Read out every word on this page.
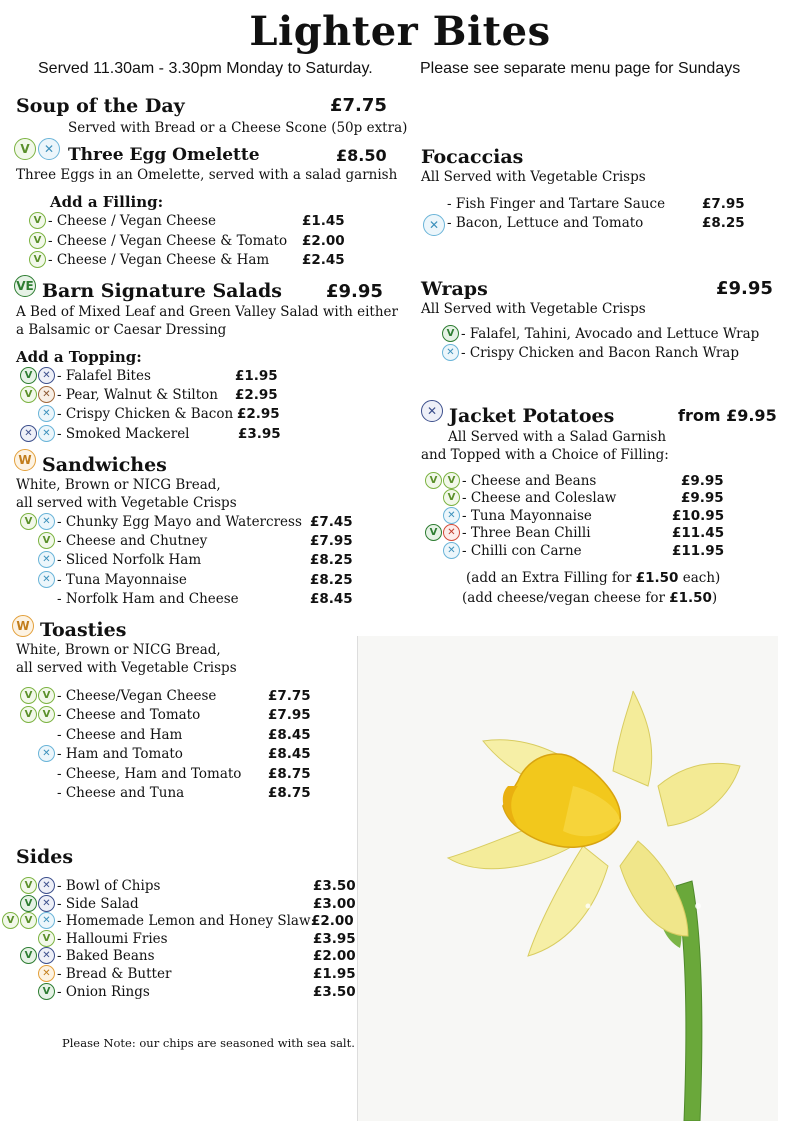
Lighter Bites
Served 11.30am - 3.30pm Monday to Saturday.	Please see separate menu page for Sundays
Soup of the Day	£7.75
Served with Bread or a Cheese Scone (50p extra)
V	✕ Three Egg Omelette	£8.50
Three Eggs in an Omelette, served with a salad garnish
Add a Filling:
V - Cheese / Vegan Cheese	£1.45
V - Cheese / Vegan Cheese & Tomato £2.00
V - Cheese / Vegan Cheese & Ham £2.45
VE Barn Signature Salads £9.95
A Bed of Mixed Leaf and Green Valley Salad with either
a Balsamic or Caesar Dressing
Add a Topping:
V ✕ - Falafel Bites	£1.95
V ✕ - Pear, Walnut & Stilton £2.95
✕ - Crispy Chicken & Bacon £2.95
✕ ✕ - Smoked Mackerel	£3.95
W Sandwiches
White, Brown or NICG Bread,
all served with Vegetable Crisps
V ✕ - Chunky Egg Mayo and Watercress £7.45
V - Cheese and Chutney	£7.95
✕ - Sliced Norfolk Ham	£8.25
✕ - Tuna Mayonnaise	£8.25
- Norfolk Ham and Cheese	£8.45
W Toasties
White, Brown or NICG Bread,
all served with Vegetable Crisps
V	V - Cheese/Vegan Cheese	£7.75
V	V - Cheese and Tomato	£7.95
- Cheese and Ham	£8.45
✕ - Ham and Tomato	£8.45
- Cheese, Ham and Tomato £8.75
- Cheese and Tuna	£8.75
Sides
V ✕ - Bowl of Chips	£3.50
V ✕ - Side Salad	£3.00
V	V ✕ - Homemade Lemon and Honey Slaw £2.00
V - Halloumi Fries	£3.95
V ✕ - Baked Beans	£2.00
✕ - Bread & Butter	£1.95
V - Onion Rings	£3.50
Please Note: our chips are seasoned with sea salt.
Focaccias
All Served with Vegetable Crisps
- Fish Finger and Tartare Sauce	£7.95
✕ - Bacon, Lettuce and Tomato	£8.25
Wraps	£9.95
All Served with Vegetable Crisps
V - Falafel, Tahini, Avocado and Lettuce Wrap
✕ - Crispy Chicken and Bacon Ranch Wrap
✕ Jacket Potatoes	from £9.95
All Served with a Salad Garnish
and Topped with a Choice of Filling:
V	V - Cheese and Beans	£9.95
V - Cheese and Coleslaw	£9.95
✕ - Tuna Mayonnaise	£10.95
V ✕ - Three Bean Chilli	£11.45
✕ - Chilli con Carne	£11.95
(add an Extra Filling for £1.50 each)
(add cheese/vegan cheese for £1.50)
